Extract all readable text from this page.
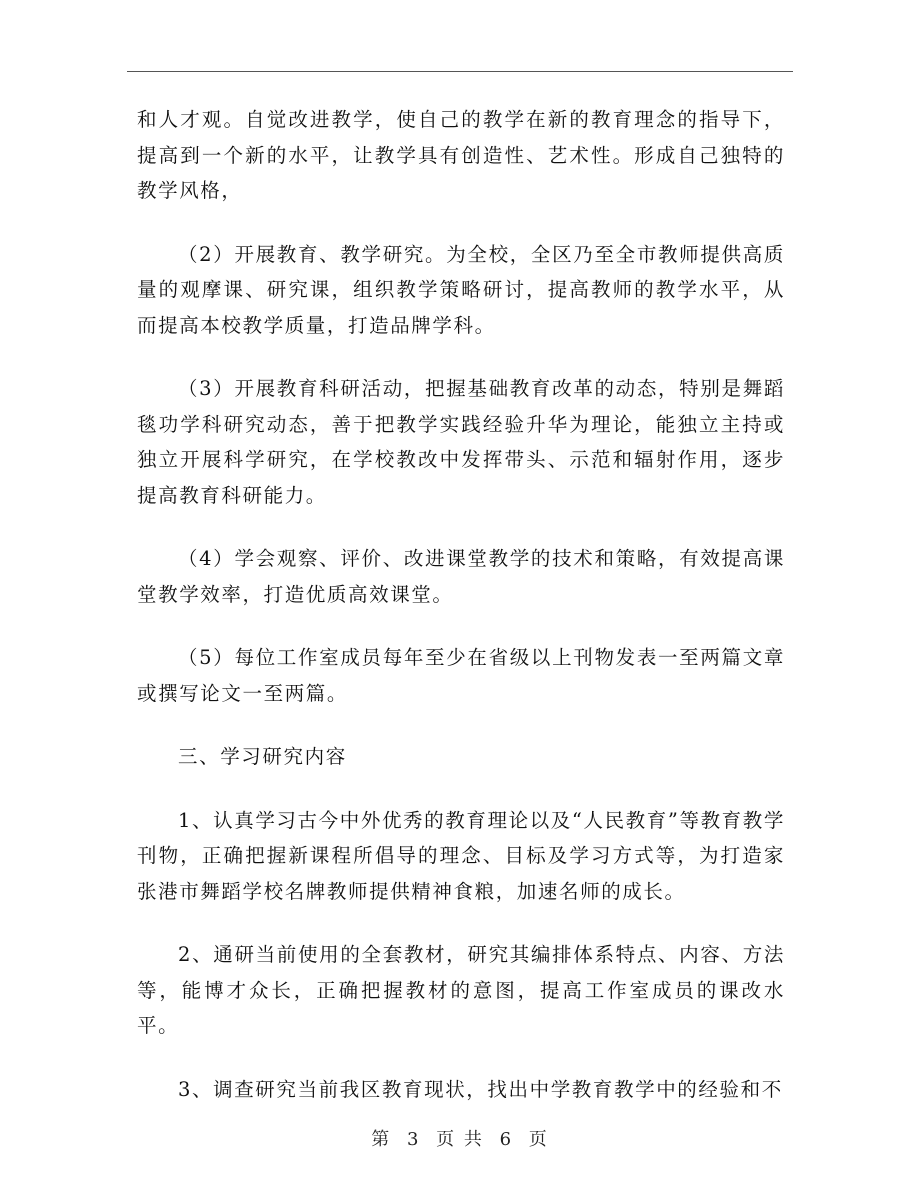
和人才观。自觉改进教学，使自己的教学在新的教育理念的指导下，提高到一个新的水平，让教学具有创造性、艺术性。形成自己独特的教学风格，

（2）开展教育、教学研究。为全校，全区乃至全市教师提供高质量的观摩课、研究课，组织教学策略研讨，提高教师的教学水平，从而提高本校教学质量，打造品牌学科。

（3）开展教育科研活动，把握基础教育改革的动态，特别是舞蹈毯功学科研究动态，善于把教学实践经验升华为理论，能独立主持或独立开展科学研究，在学校教改中发挥带头、示范和辐射作用，逐步提高教育科研能力。

（4）学会观察、评价、改进课堂教学的技术和策略，有效提高课堂教学效率，打造优质高效课堂。

（5）每位工作室成员每年至少在省级以上刊物发表一至两篇文章或撰写论文一至两篇。

三、学习研究内容

1、认真学习古今中外优秀的教育理论以及“人民教育”等教育教学刊物，正确把握新课程所倡导的理念、目标及学习方式等，为打造家张港市舞蹈学校名牌教师提供精神食粮，加速名师的成长。

2、通研当前使用的全套教材，研究其编排体系特点、内容、方法等，能博才众长，正确把握教材的意图，提高工作室成员的课改水平。

3、调查研究当前我区教育现状，找出中学教育教学中的经验和不

第 3 页 共 6 页
